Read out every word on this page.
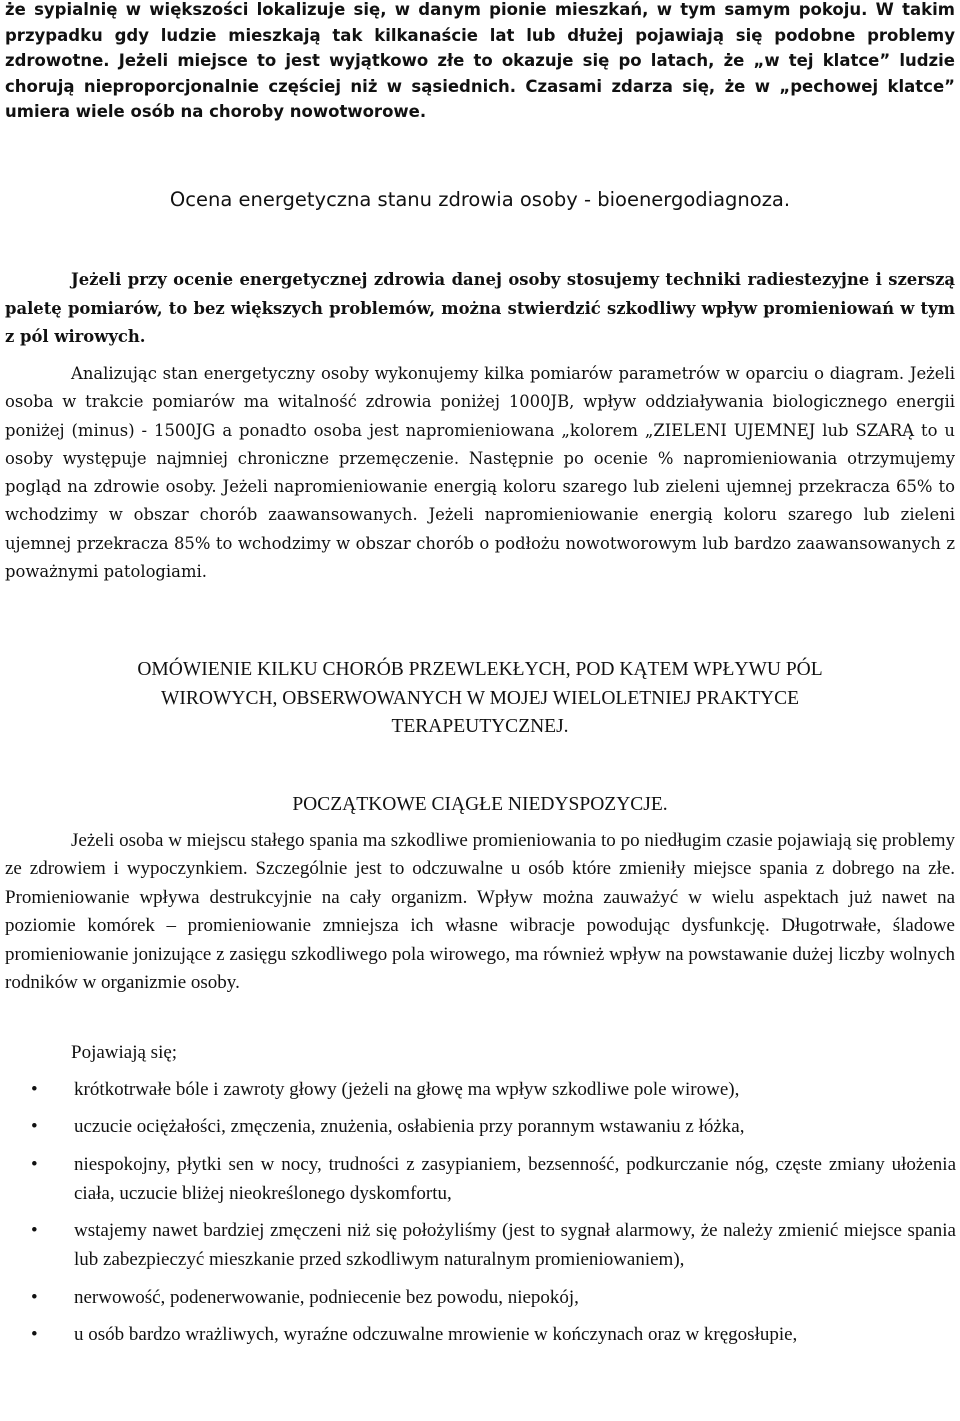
że sypialnię w większości lokalizuje się, w danym pionie mieszkań, w tym samym pokoju. W takim przypadku gdy ludzie mieszkają tak kilkanaście lat lub dłużej pojawiają się podobne problemy zdrowotne. Jeżeli miejsce to jest wyjątkowo złe to okazuje się po latach, że „w tej klatce” ludzie chorują nieproporcjonalnie częściej niż w sąsiednich. Czasami zdarza się, że w „pechowej klatce” umiera wiele osób na choroby nowotworowe.

Ocena energetyczna stanu zdrowia osoby - bioenergodiagnoza.

Jeżeli przy ocenie energetycznej zdrowia danej osoby stosujemy techniki radiestezyjne i szerszą paletę pomiarów, to bez większych problemów, można stwierdzić szkodliwy wpływ promieniowań w tym z pól wirowych.

Analizując stan energetyczny osoby wykonujemy kilka pomiarów parametrów w oparciu o diagram. Jeżeli osoba w trakcie pomiarów ma witalność zdrowia poniżej 1000JB, wpływ oddziaływania biologicznego energii poniżej (minus) - 1500JG a ponadto osoba jest napromieniowana „kolorem „ZIELENI UJEMNEJ lub SZARĄ to u osoby występuje najmniej chroniczne przemęczenie. Następnie po ocenie % napromieniowania otrzymujemy pogląd na zdrowie osoby. Jeżeli napromieniowanie energią koloru szarego lub zieleni ujemnej przekracza 65% to wchodzimy w obszar chorób zaawansowanych. Jeżeli napromieniowanie energią koloru szarego lub zieleni ujemnej przekracza 85% to wchodzimy w obszar chorób o podłożu nowotworowym lub bardzo zaawansowanych z poważnymi patologiami.

OMÓWIENIE KILKU CHORÓB PRZEWLEKŁYCH, POD KĄTEM WPŁYWU PÓL
WIROWYCH, OBSERWOWANYCH W MOJEJ WIELOLETNIEJ PRAKTYCE
TERAPEUTYCZNEJ.
POCZĄTKOWE CIĄGŁE NIEDYSPOZYCJE.

Jeżeli osoba w miejscu stałego spania ma szkodliwe promieniowania to po niedługim czasie pojawiają się problemy ze zdrowiem i wypoczynkiem. Szczególnie jest to odczuwalne u osób które zmieniły miejsce spania z dobrego na złe. Promieniowanie wpływa destrukcyjnie na cały organizm. Wpływ można zauważyć w wielu aspektach już nawet na poziomie komórek – promieniowanie zmniejsza ich własne wibracje powodując dysfunkcję. Długotrwałe, śladowe promieniowanie jonizujące z zasięgu szkodliwego pola wirowego, ma również wpływ na powstawanie dużej liczby wolnych rodników w organizmie osoby.

Pojawiają się;
• krótkotrwałe bóle i zawroty głowy (jeżeli na głowę ma wpływ szkodliwe pole wirowe),
• uczucie ociężałości, zmęczenia, znużenia, osłabienia przy porannym wstawaniu z łóżka,
• niespokojny, płytki sen w nocy, trudności z zasypianiem, bezsenność, podkurczanie nóg, częste zmiany ułożenia ciała, uczucie bliżej nieokreślonego dyskomfortu,
• wstajemy nawet bardziej zmęczeni niż się położyliśmy (jest to sygnał alarmowy, że należy zmienić miejsce spania lub zabezpieczyć mieszkanie przed szkodliwym naturalnym promieniowaniem),
• nerwowość, podenerwowanie, podniecenie bez powodu, niepokój,
• u osób bardzo wrażliwych, wyraźne odczuwalne mrowienie w kończynach oraz w kręgosłupie,
